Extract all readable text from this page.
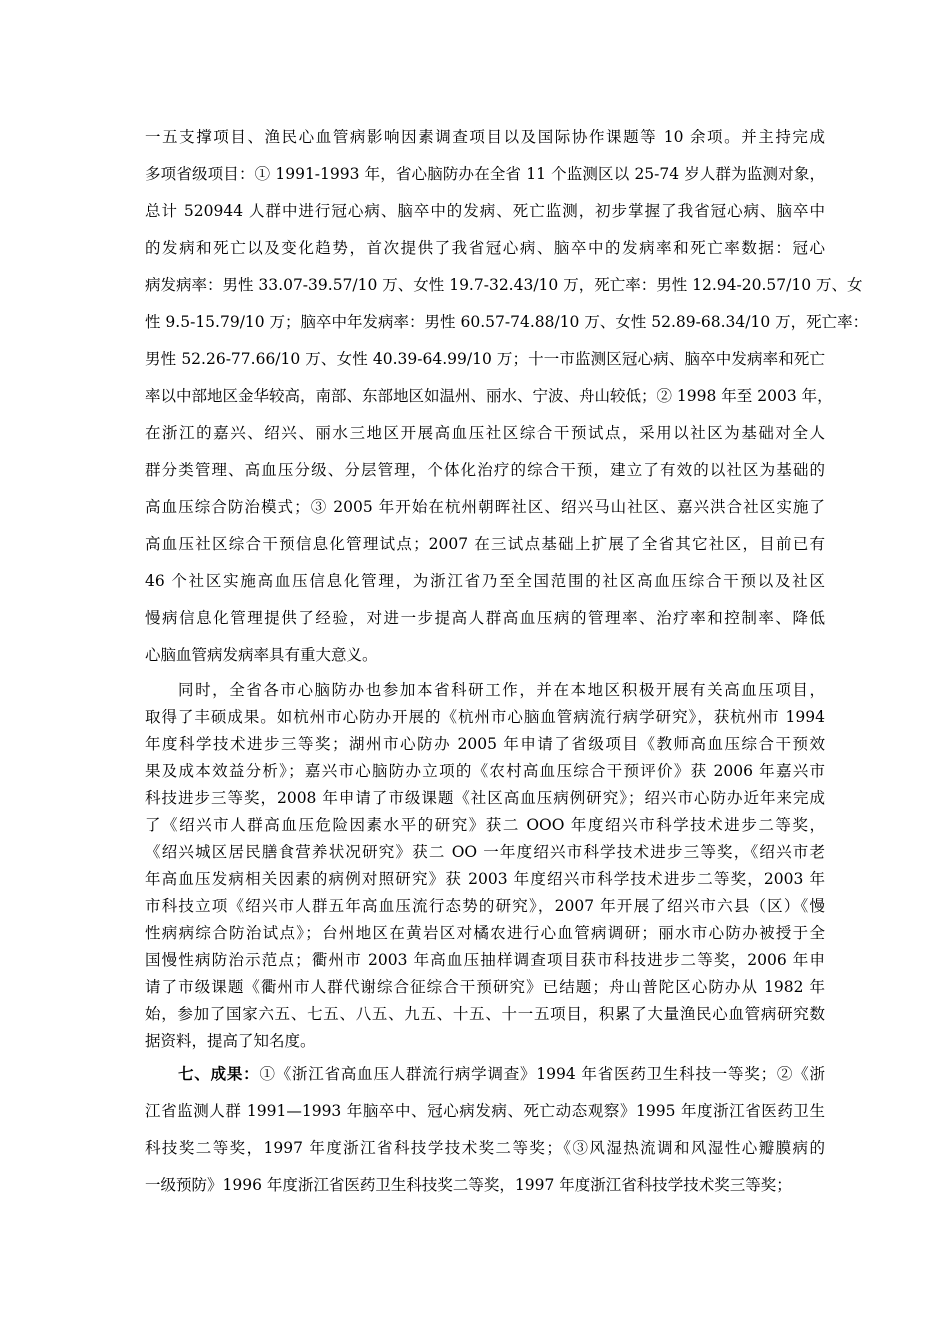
一五支撑项目、渔民心血管病影响因素调查项目以及国际协作课题等 10 余项。并主持完成
多项省级项目：① 1991-1993 年，省心脑防办在全省 11 个监测区以 25-74 岁人群为监测对象，
总计 520944 人群中进行冠心病、脑卒中的发病、死亡监测，初步掌握了我省冠心病、脑卒中
的发病和死亡以及变化趋势，首次提供了我省冠心病、脑卒中的发病率和死亡率数据：冠心
病发病率：男性 33.07-39.57/10 万、女性 19.7-32.43/10 万，死亡率：男性 12.94-20.57/10 万、女
性 9.5-15.79/10 万；脑卒中年发病率：男性 60.57-74.88/10 万、女性 52.89-68.34/10 万，死亡率：
男性 52.26-77.66/10 万、女性 40.39-64.99/10 万；十一市监测区冠心病、脑卒中发病率和死亡
率以中部地区金华较高，南部、东部地区如温州、丽水、宁波、舟山较低；② 1998 年至 2003 年，
在浙江的嘉兴、绍兴、丽水三地区开展高血压社区综合干预试点，采用以社区为基础对全人
群分类管理、高血压分级、分层管理，个体化治疗的综合干预，建立了有效的以社区为基础的
高血压综合防治模式；③ 2005 年开始在杭州朝晖社区、绍兴马山社区、嘉兴洪合社区实施了
高血压社区综合干预信息化管理试点；2007 在三试点基础上扩展了全省其它社区，目前已有
46 个社区实施高血压信息化管理，为浙江省乃至全国范围的社区高血压综合干预以及社区
慢病信息化管理提供了经验，对进一步提高人群高血压病的管理率、治疗率和控制率、降低
心脑血管病发病率具有重大意义。
同时，全省各市心脑防办也参加本省科研工作，并在本地区积极开展有关高血压项目，
取得了丰硕成果。如杭州市心防办开展的《杭州市心脑血管病流行病学研究》，获杭州市 1994
年度科学技术进步三等奖；湖州市心防办 2005 年申请了省级项目《教师高血压综合干预效
果及成本效益分析》；嘉兴市心脑防办立项的《农村高血压综合干预评价》获 2006 年嘉兴市
科技进步三等奖，2008 年申请了市级课题《社区高血压病例研究》；绍兴市心防办近年来完成
了《绍兴市人群高血压危险因素水平的研究》获二 OOO 年度绍兴市科学技术进步二等奖，
《绍兴城区居民膳食营养状况研究》获二 OO 一年度绍兴市科学技术进步三等奖，《绍兴市老
年高血压发病相关因素的病例对照研究》获 2003 年度绍兴市科学技术进步二等奖，2003 年
市科技立项《绍兴市人群五年高血压流行态势的研究》，2007 年开展了绍兴市六县（区）《慢
性病病综合防治试点》；台州地区在黄岩区对橘农进行心血管病调研；丽水市心防办被授于全
国慢性病防治示范点；衢州市 2003 年高血压抽样调查项目获市科技进步二等奖，2006 年申
请了市级课题《衢州市人群代谢综合征综合干预研究》已结题；舟山普陀区心防办从 1982 年
始，参加了国家六五、七五、八五、九五、十五、十一五项目，积累了大量渔民心血管病研究数
据资料，提高了知名度。
七、成果：①《浙江省高血压人群流行病学调查》1994 年省医药卫生科技一等奖；②《浙
江省监测人群 1991—1993 年脑卒中、冠心病发病、死亡动态观察》1995 年度浙江省医药卫生
科技奖二等奖，1997 年度浙江省科技学技术奖二等奖；《③风湿热流调和风湿性心瓣膜病的
一级预防》1996 年度浙江省医药卫生科技奖二等奖，1997 年度浙江省科技学技术奖三等奖；
